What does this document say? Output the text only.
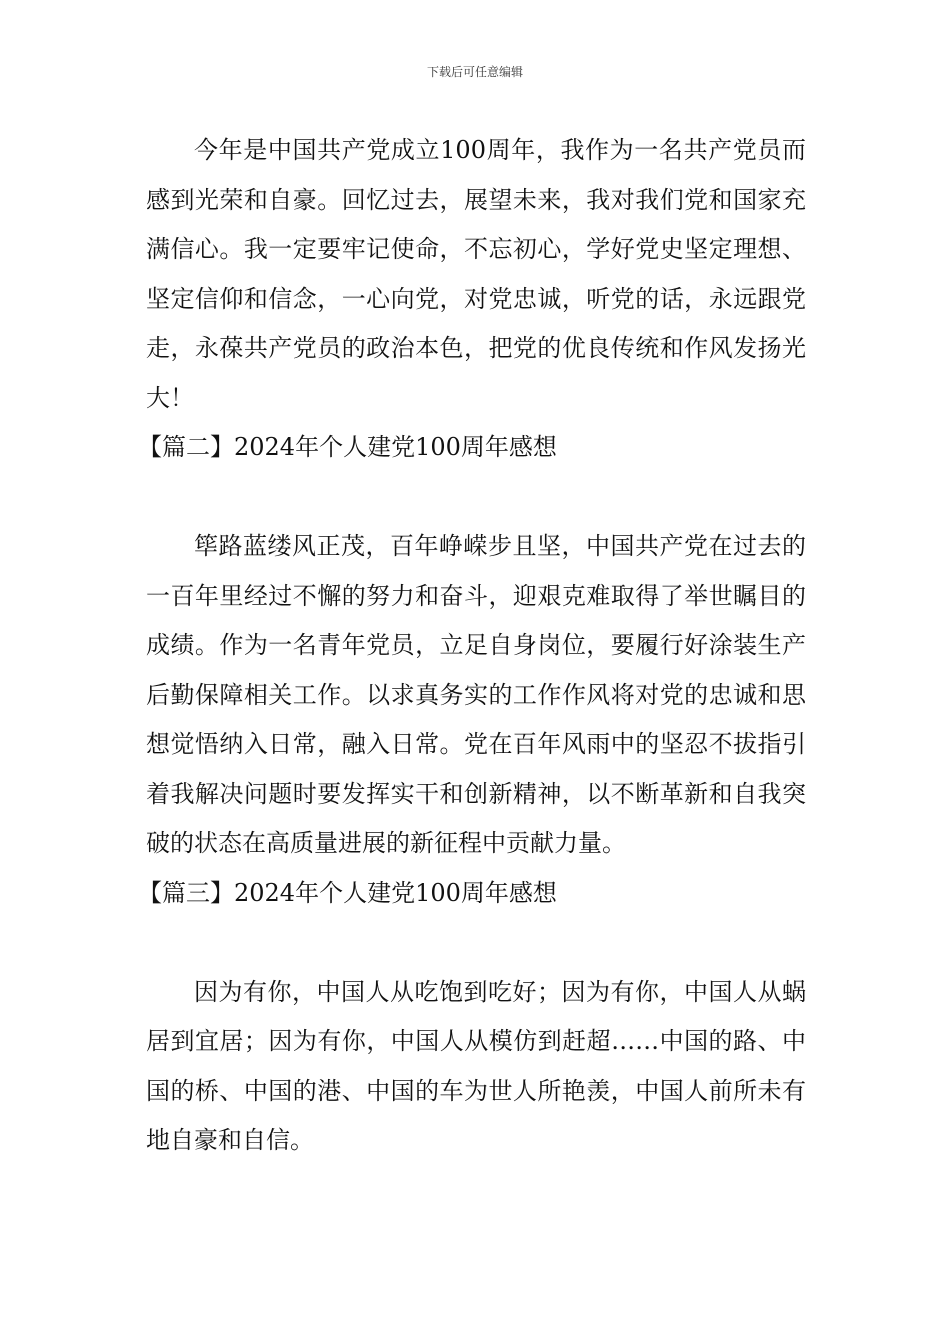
下载后可任意编辑

今年是中国共产党成立100周年，我作为一名共产党员而感到光荣和自豪。回忆过去，展望未来，我对我们党和国家充满信心。我一定要牢记使命，不忘初心，学好党史坚定理想、坚定信仰和信念，一心向党，对党忠诚，听党的话，永远跟党走，永葆共产党员的政治本色，把党的优良传统和作风发扬光大！

【篇二】2024年个人建党100周年感想

筚路蓝缕风正茂，百年峥嵘步且坚，中国共产党在过去的一百年里经过不懈的努力和奋斗，迎艰克难取得了举世瞩目的成绩。作为一名青年党员，立足自身岗位，要履行好涂装生产后勤保障相关工作。以求真务实的工作作风将对党的忠诚和思想觉悟纳入日常，融入日常。党在百年风雨中的坚忍不拔指引着我解决问题时要发挥实干和创新精神，以不断革新和自我突破的状态在高质量进展的新征程中贡献力量。

【篇三】2024年个人建党100周年感想

因为有你，中国人从吃饱到吃好；因为有你，中国人从蜗居到宜居；因为有你，中国人从模仿到赶超……中国的路、中国的桥、中国的港、中国的车为世人所艳羡，中国人前所未有地自豪和自信。
